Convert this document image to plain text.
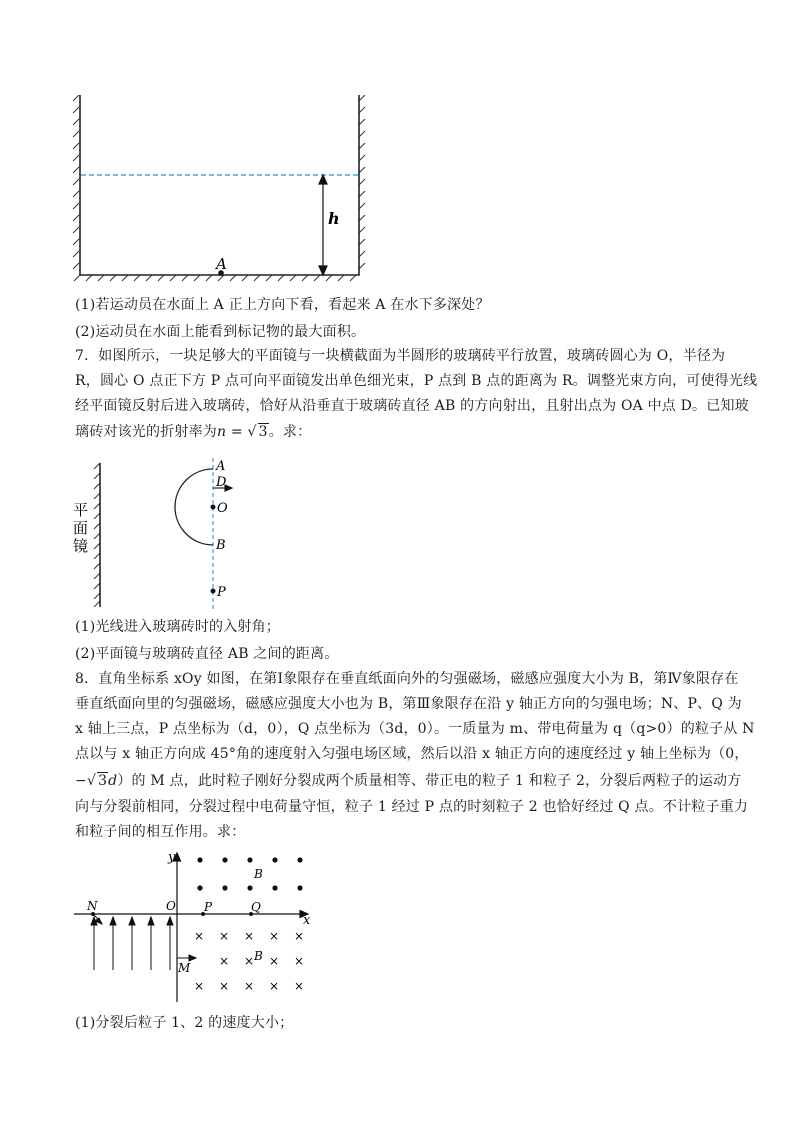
h
A
(1)若运动员在水面上 A 正上方向下看，看起来 A 在水下多深处？
(2)运动员在水面上能看到标记物的最大面积。
7．如图所示，一块足够大的平面镜与一块横截面为半圆形的玻璃砖平行放置，玻璃砖圆心为 O，半径为
R，圆心 O 点正下方 P 点可向平面镜发出单色细光束，P 点到 B 点的距离为 R。调整光束方向，可使得光线
经平面镜反射后进入玻璃砖，恰好从沿垂直于玻璃砖直径 AB 的方向射出，且射出点为 OA 中点 D。已知玻
璃砖对该光的折射率为n = √ 3。求：
平
面
镜
A
D
O
B
P
(1)光线进入玻璃砖时的入射角；
(2)平面镜与玻璃砖直径 AB 之间的距离。
8．直角坐标系 xOy 如图，在第Ⅰ象限存在垂直纸面向外的匀强磁场，磁感应强度大小为 B，第Ⅳ象限存在
垂直纸面向里的匀强磁场，磁感应强度大小也为 B，第Ⅲ象限存在沿 y 轴正方向的匀强电场；N、P、Q 为
x 轴上三点，P 点坐标为（d，0），Q 点坐标为（3d，0）。一质量为 m、带电荷量为 q（q>0）的粒子从 N
点以与 x 轴正方向成 45°角的速度射入匀强电场区域，然后以沿 x 轴正方向的速度经过 y 轴上坐标为（0，
−√ 3d）的 M 点，此时粒子刚好分裂成两个质量相等、带正电的粒子 1 和粒子 2，分裂后两粒子的运动方
向与分裂前相同，分裂过程中电荷量守恒，粒子 1 经过 P 点的时刻粒子 2 也恰好经过 Q 点。不计粒子重力
和粒子间的相互作用。求：
y
x
O
× × × × ×
× × × ×
× × × × ×
N	P	Q
M
B
B
(1)分裂后粒子 1、2 的速度大小；
